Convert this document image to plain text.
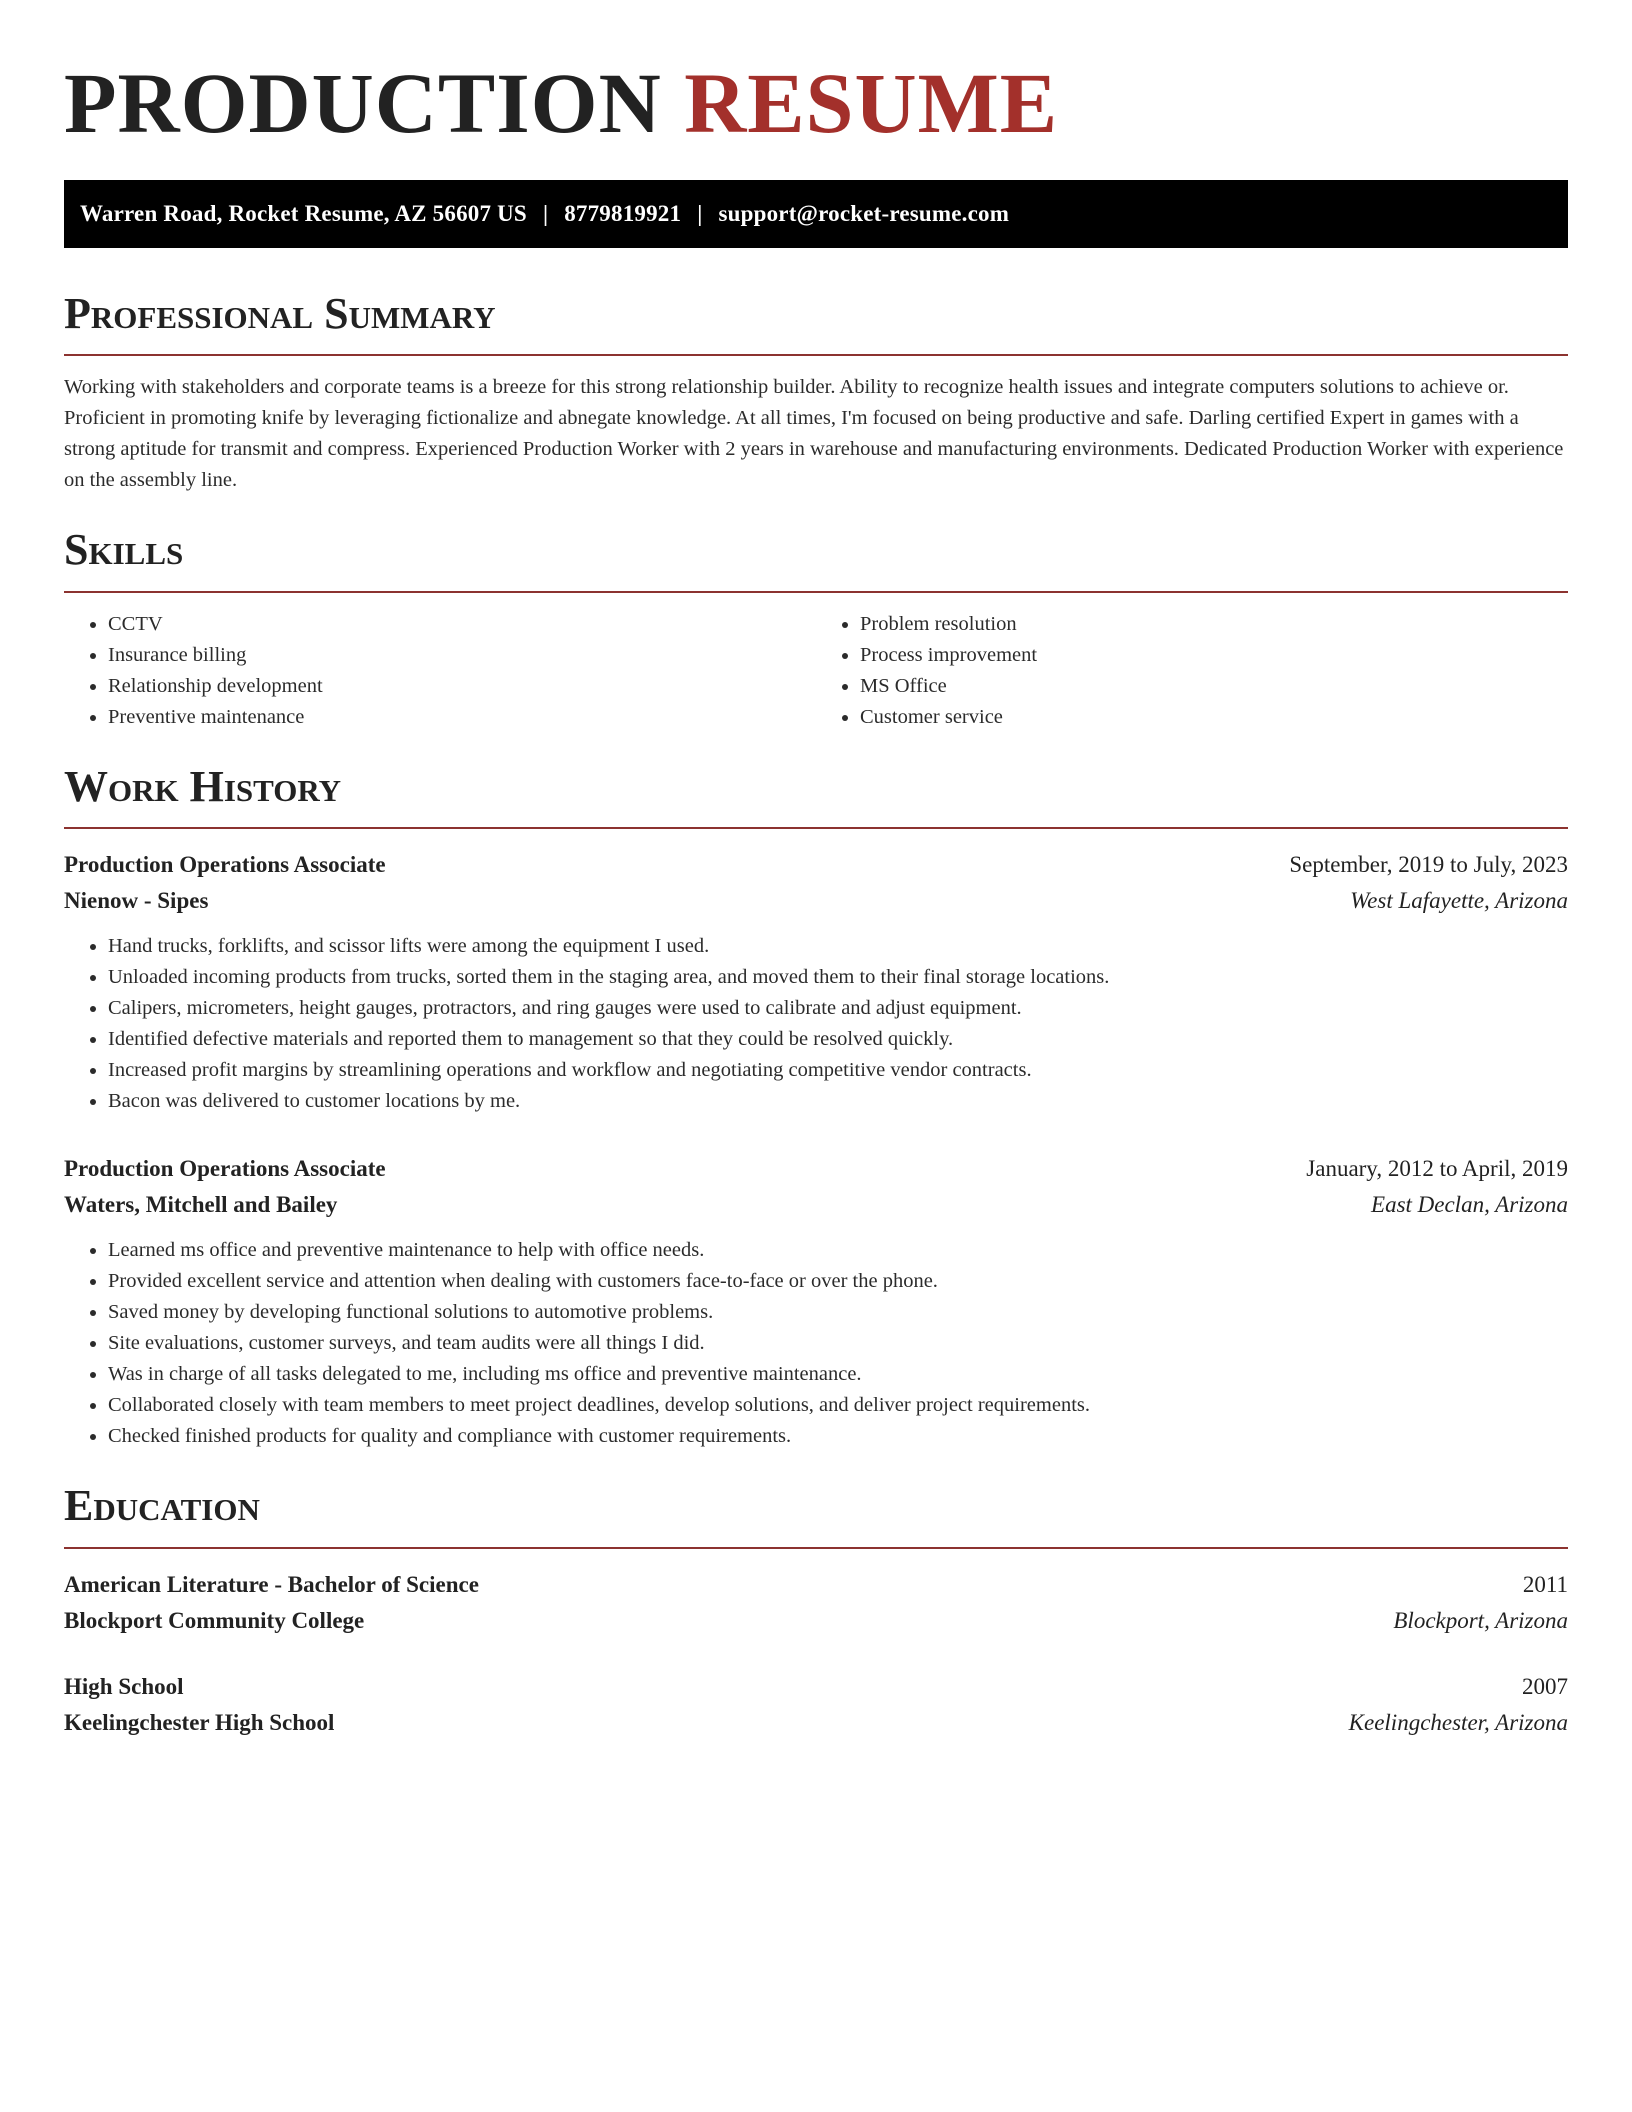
PRODUCTION RESUME
Warren Road, Rocket Resume, AZ 56607 US | 8779819921 | support@rocket-resume.com
Professional Summary

Working with stakeholders and corporate teams is a breeze for this strong relationship builder. Ability to recognize health issues and integrate computers solutions to achieve or. Proficient in promoting knife by leveraging fictionalize and abnegate knowledge. At all times, I'm focused on being productive and safe. Darling certified Expert in games with a strong aptitude for transmit and compress. Experienced Production Worker with 2 years in warehouse and manufacturing environments. Dedicated Production Worker with experience on the assembly line.

Skills
• CCTV
• Insurance billing
• Relationship development
• Preventive maintenance
• Problem resolution
• Process improvement
• MS Office
• Customer service
Work History
Production Operations Associate	September, 2019 to July, 2023
Nienow - Sipes	West Lafayette, Arizona
• Hand trucks, forklifts, and scissor lifts were among the equipment I used.
• Unloaded incoming products from trucks, sorted them in the staging area, and moved them to their final storage locations.
• Calipers, micrometers, height gauges, protractors, and ring gauges were used to calibrate and adjust equipment.
• Identified defective materials and reported them to management so that they could be resolved quickly.
• Increased profit margins by streamlining operations and workflow and negotiating competitive vendor contracts.
• Bacon was delivered to customer locations by me.
Production Operations Associate	January, 2012 to April, 2019
Waters, Mitchell and Bailey	East Declan, Arizona
• Learned ms office and preventive maintenance to help with office needs.
• Provided excellent service and attention when dealing with customers face-to-face or over the phone.
• Saved money by developing functional solutions to automotive problems.
• Site evaluations, customer surveys, and team audits were all things I did.
• Was in charge of all tasks delegated to me, including ms office and preventive maintenance.
• Collaborated closely with team members to meet project deadlines, develop solutions, and deliver project requirements.
• Checked finished products for quality and compliance with customer requirements.
Education
American Literature - Bachelor of Science	2011
Blockport Community College	Blockport, Arizona
High School	2007
Keelingchester High School	Keelingchester, Arizona
